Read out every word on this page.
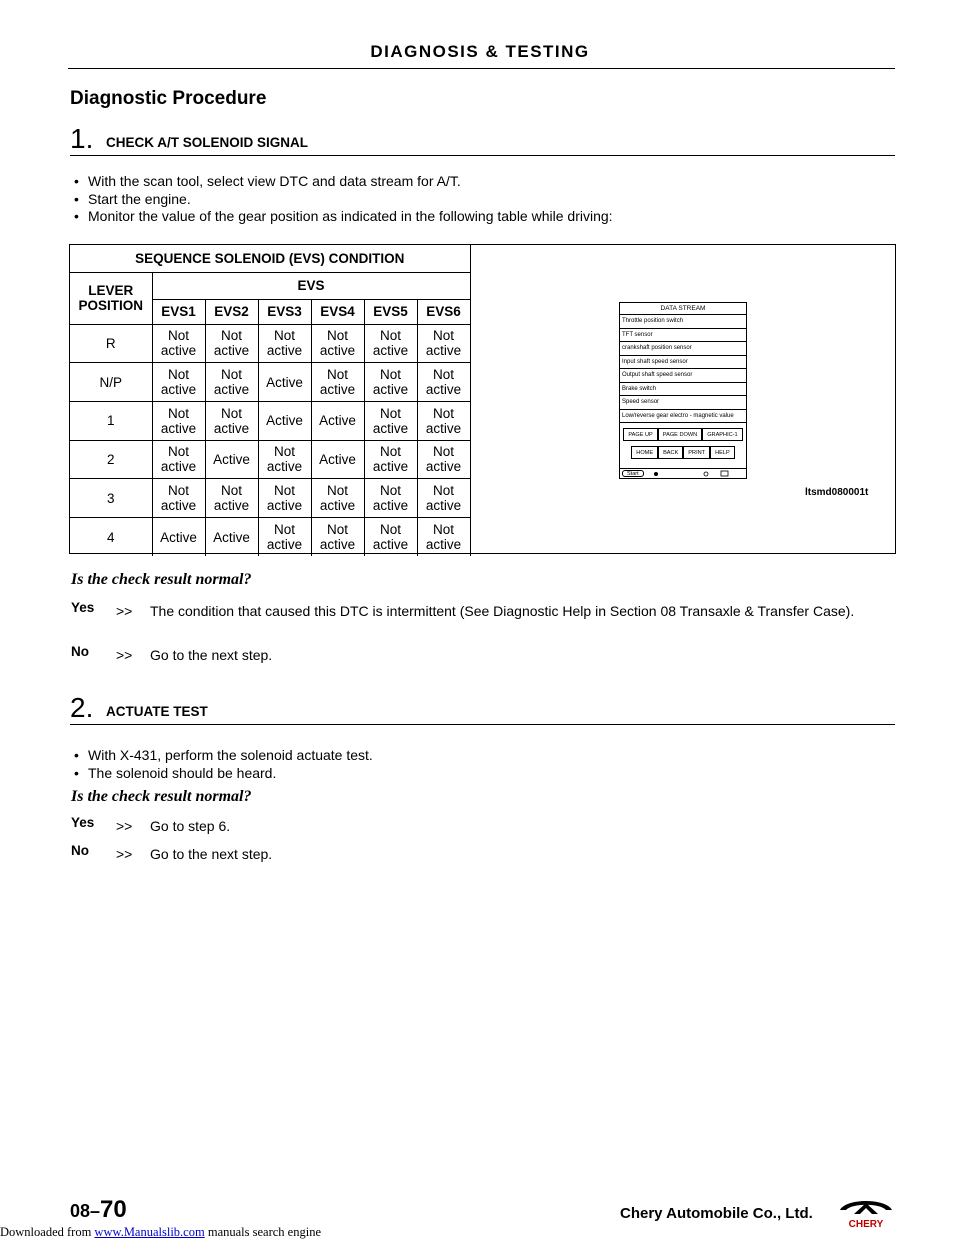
DIAGNOSIS & TESTING
Diagnostic Procedure
1. CHECK A/T SOLENOID SIGNAL
• With the scan tool, select view DTC and data stream for A/T.
• Start the engine.
• Monitor the value of the gear position as indicated in the following table while driving:
SEQUENCE SOLENOID (EVS) CONDITION						
LEVER POSITION	EVS					
	EVS1	EVS2	EVS3	EVS4	EVS5	EVS6
R	Not active	Not active	Not active	Not active	Not active	Not active
N/P	Not active	Not active	Active	Not active	Not active	Not active
1	Not active	Not active	Active	Active	Not active	Not active
2	Not active	Active	Not active	Active	Not active	Not active
3	Not active	Not active	Not active	Not active	Not active	Not active
4	Active	Active	Not active	Not active	Not active	Not active
DATA STREAM
Throttle position switch
TFT sensor
crankshaft position sensor
Input shaft speed sensor
Output shaft speed sensor
Brake switch
Speed sensor
Low/reverse gear electro - magnetic value
PAGE UP	PAGE DOWN	GRAPHIC-1
HOME	BACK	PRINT	HELP
Start
ltsmd080001t
Is the check result normal?
Yes >> The condition that caused this DTC is intermittent (See Diagnostic Help in Section 08 Transaxle & Transfer Case).
No >> Go to the next step.
2. ACTUATE TEST
• With X-431, perform the solenoid actuate test.
• The solenoid should be heard.
Is the check result normal?
Yes >> Go to step 6.
No >> Go to the next step.
08–70	Chery Automobile Co., Ltd.
CHERY
Downloaded from www.Manualslib.com manuals search engine
